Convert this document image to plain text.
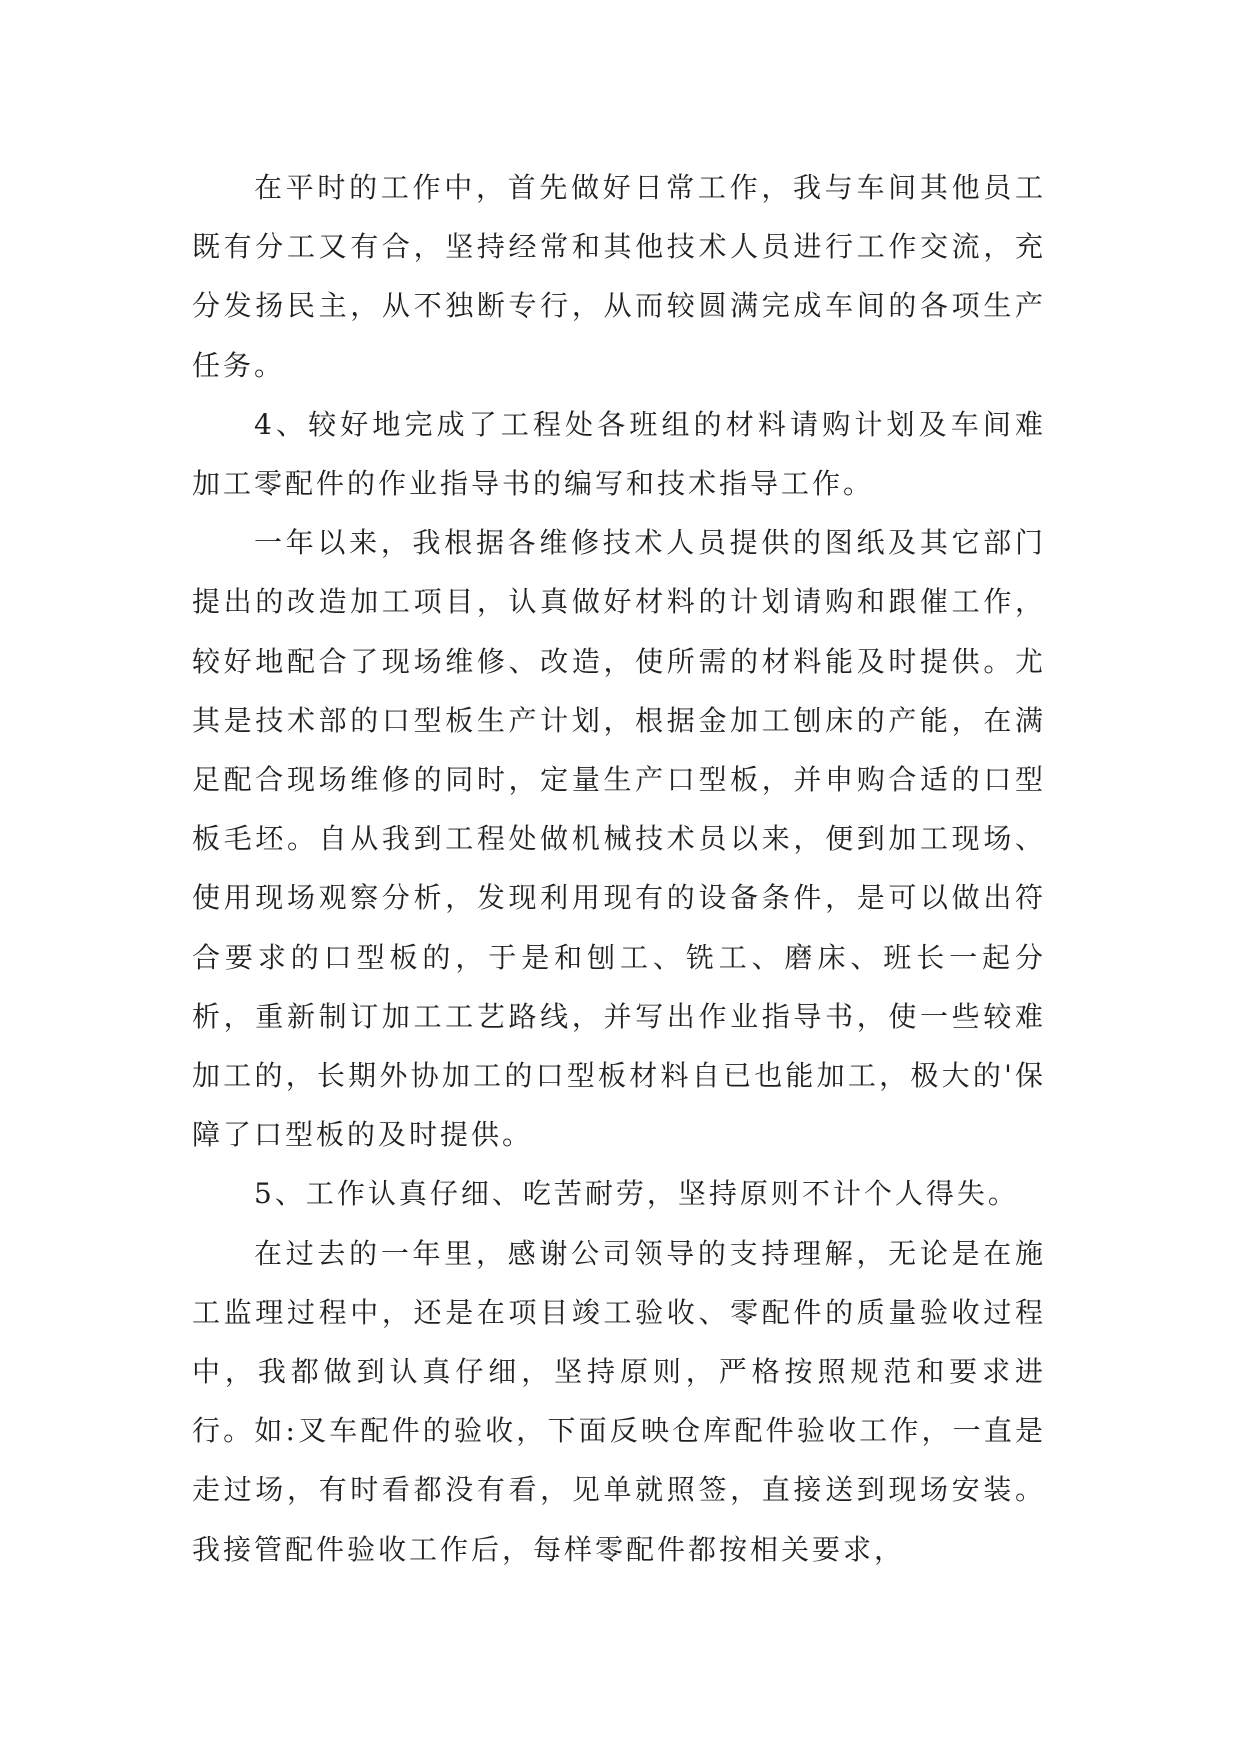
在平时的工作中，首先做好日常工作，我与车间其他员工既有分工又有合，坚持经常和其他技术人员进行工作交流，充分发扬民主，从不独断专行，从而较圆满完成车间的各项生产任务。

4、较好地完成了工程处各班组的材料请购计划及车间难加工零配件的作业指导书的编写和技术指导工作。

一年以来，我根据各维修技术人员提供的图纸及其它部门提出的改造加工项目，认真做好材料的计划请购和跟催工作，较好地配合了现场维修、改造，使所需的材料能及时提供。尤其是技术部的口型板生产计划，根据金加工刨床的产能，在满足配合现场维修的同时，定量生产口型板，并申购合适的口型板毛坯。自从我到工程处做机械技术员以来，便到加工现场、使用现场观察分析，发现利用现有的设备条件，是可以做出符合要求的口型板的，于是和刨工、铣工、磨床、班长一起分析，重新制订加工工艺路线，并写出作业指导书，使一些较难加工的，长期外协加工的口型板材料自已也能加工，极大的'保障了口型板的及时提供。

5、工作认真仔细、吃苦耐劳，坚持原则不计个人得失。

在过去的一年里，感谢公司领导的支持理解，无论是在施工监理过程中，还是在项目竣工验收、零配件的质量验收过程中，我都做到认真仔细，坚持原则，严格按照规范和要求进行。如:叉车配件的验收，下面反映仓库配件验收工作，一直是走过场，有时看都没有看，见单就照签，直接送到现场安装。我接管配件验收工作后，每样零配件都按相关要求，
